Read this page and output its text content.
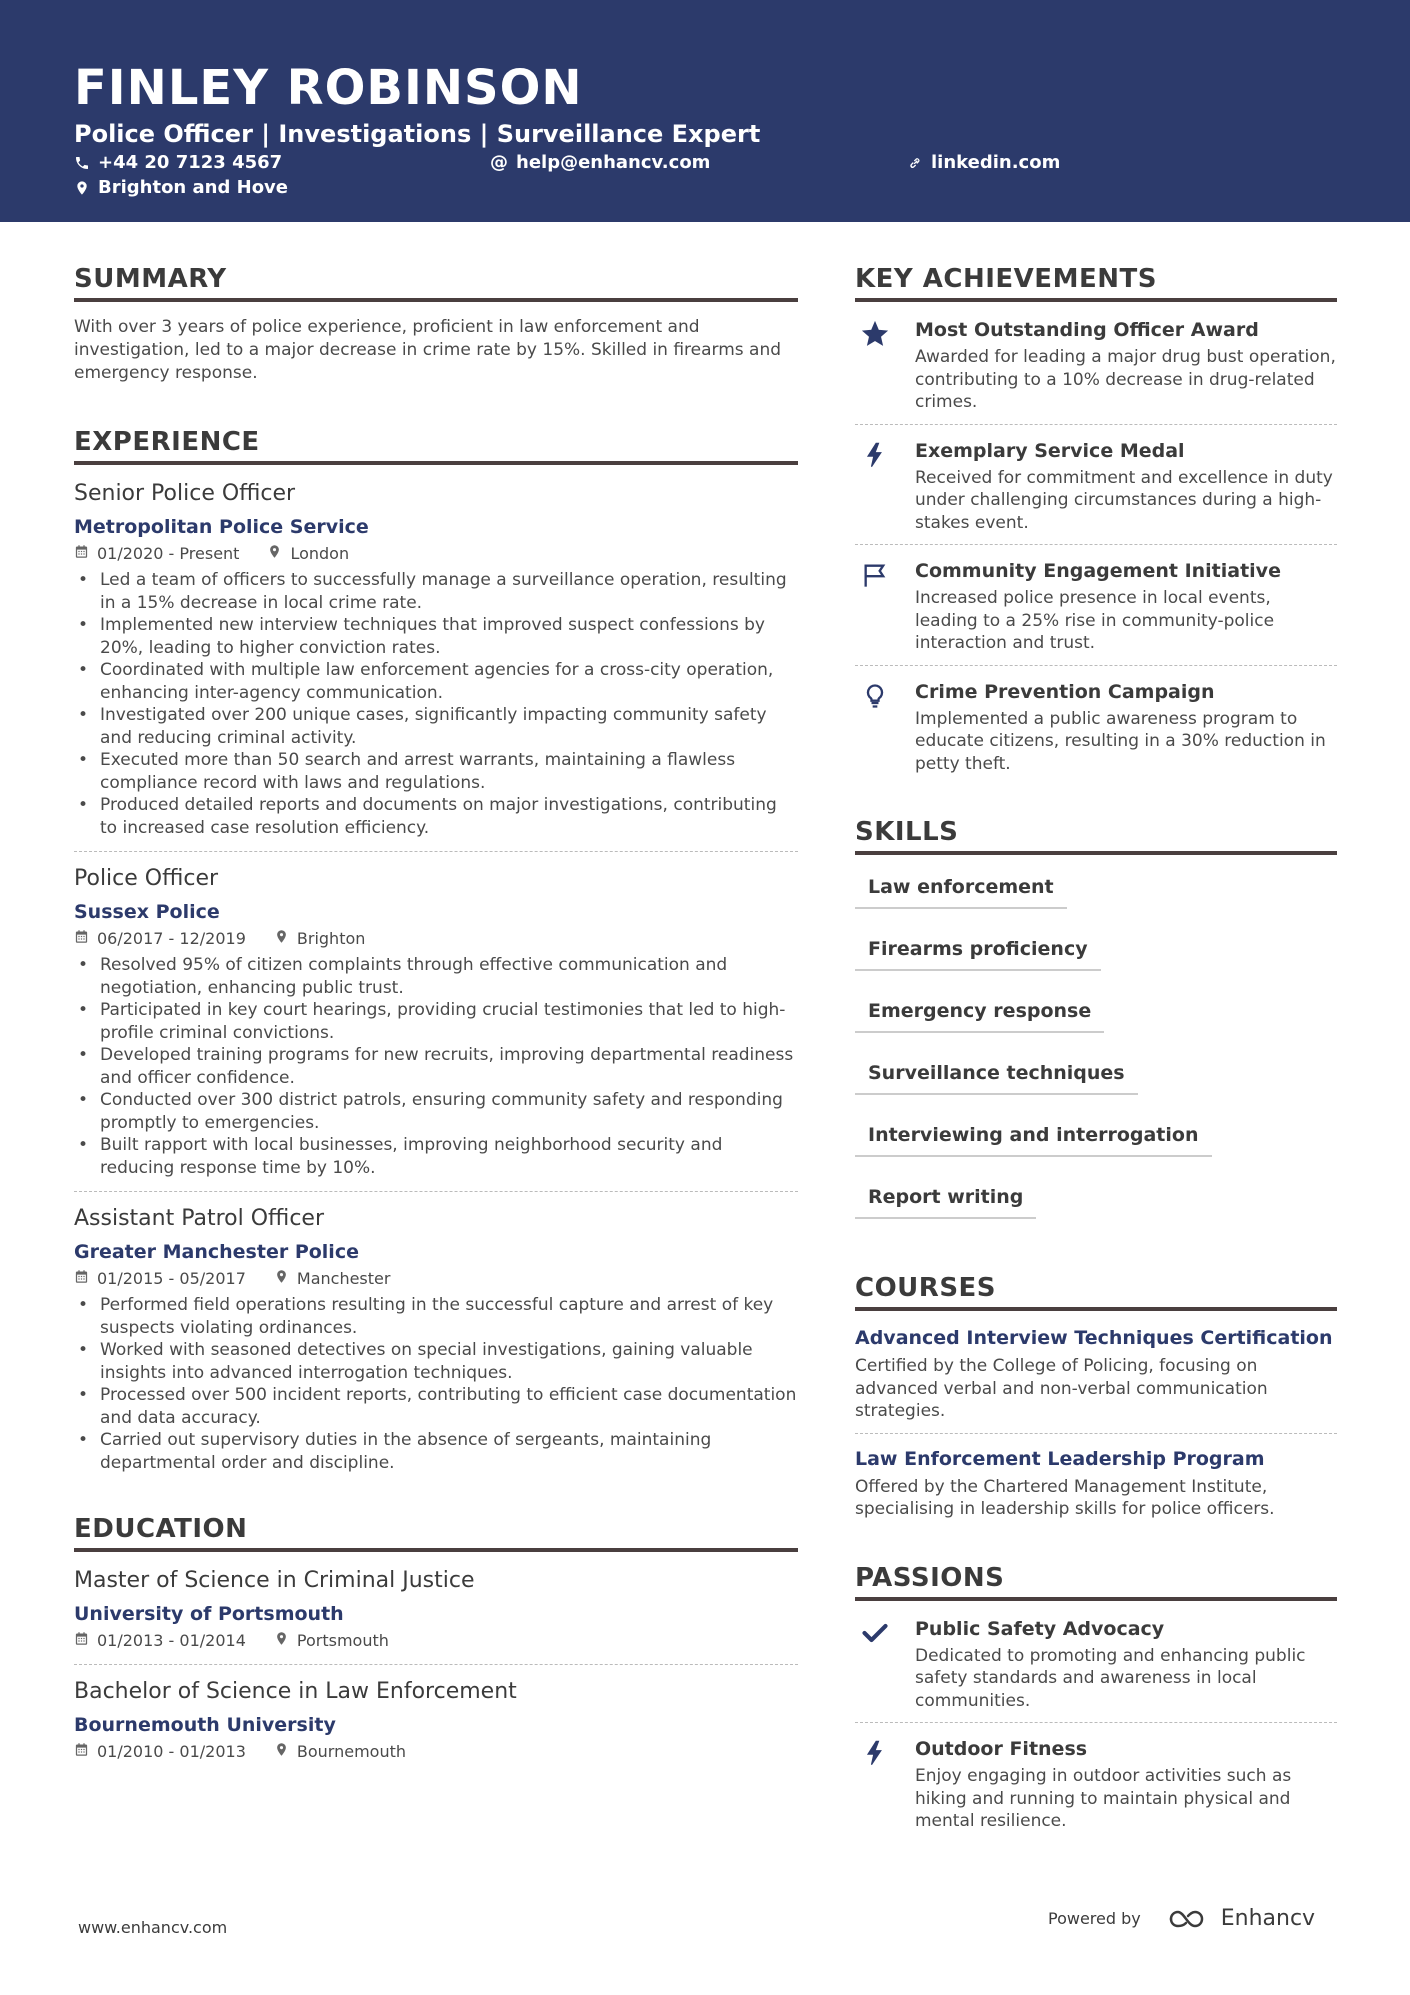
FINLEY ROBINSON
Police Officer | Investigations | Surveillance Expert
+44 20 7123 4567	@ help@enhancv.com	linkedin.com
Brighton and Hove
SUMMARY
With over 3 years of police experience, proficient in law enforcement and investigation, led to a major decrease in crime rate by 15%. Skilled in firearms and emergency response.
EXPERIENCE
Senior Police Officer
Metropolitan Police Service
01/2020 - Present	London
• Led a team of officers to successfully manage a surveillance operation, resulting in a 15% decrease in local crime rate.
• Implemented new interview techniques that improved suspect confessions by 20%, leading to higher conviction rates.
• Coordinated with multiple law enforcement agencies for a cross-city operation, enhancing inter-agency communication.
• Investigated over 200 unique cases, significantly impacting community safety and reducing criminal activity.
• Executed more than 50 search and arrest warrants, maintaining a flawless compliance record with laws and regulations.
• Produced detailed reports and documents on major investigations, contributing to increased case resolution efficiency.
Police Officer
Sussex Police
06/2017 - 12/2019	Brighton
• Resolved 95% of citizen complaints through effective communication and negotiation, enhancing public trust.
• Participated in key court hearings, providing crucial testimonies that led to high-profile criminal convictions.
• Developed training programs for new recruits, improving departmental readiness and officer confidence.
• Conducted over 300 district patrols, ensuring community safety and responding promptly to emergencies.
• Built rapport with local businesses, improving neighborhood security and reducing response time by 10%.
Assistant Patrol Officer
Greater Manchester Police
01/2015 - 05/2017	Manchester
• Performed field operations resulting in the successful capture and arrest of key suspects violating ordinances.
• Worked with seasoned detectives on special investigations, gaining valuable insights into advanced interrogation techniques.
• Processed over 500 incident reports, contributing to efficient case documentation and data accuracy.
• Carried out supervisory duties in the absence of sergeants, maintaining departmental order and discipline.
EDUCATION
Master of Science in Criminal Justice
University of Portsmouth
01/2013 - 01/2014	Portsmouth
Bachelor of Science in Law Enforcement
Bournemouth University
01/2010 - 01/2013	Bournemouth
KEY ACHIEVEMENTS
Most Outstanding Officer Award
Awarded for leading a major drug bust operation, contributing to a 10% decrease in drug-related crimes.
Exemplary Service Medal
Received for commitment and excellence in duty under challenging circumstances during a high-stakes event.
Community Engagement Initiative
Increased police presence in local events, leading to a 25% rise in community-police interaction and trust.
Crime Prevention Campaign
Implemented a public awareness program to educate citizens, resulting in a 30% reduction in petty theft.
SKILLS
Law enforcement
Firearms proficiency
Emergency response
Surveillance techniques
Interviewing and interrogation
Report writing
COURSES
Advanced Interview Techniques Certification
Certified by the College of Policing, focusing on advanced verbal and non-verbal communication strategies.
Law Enforcement Leadership Program
Offered by the Chartered Management Institute, specialising in leadership skills for police officers.
PASSIONS
Public Safety Advocacy
Dedicated to promoting and enhancing public safety standards and awareness in local communities.
Outdoor Fitness
Enjoy engaging in outdoor activities such as hiking and running to maintain physical and mental resilience.
www.enhancv.com	Powered by	Enhancv
